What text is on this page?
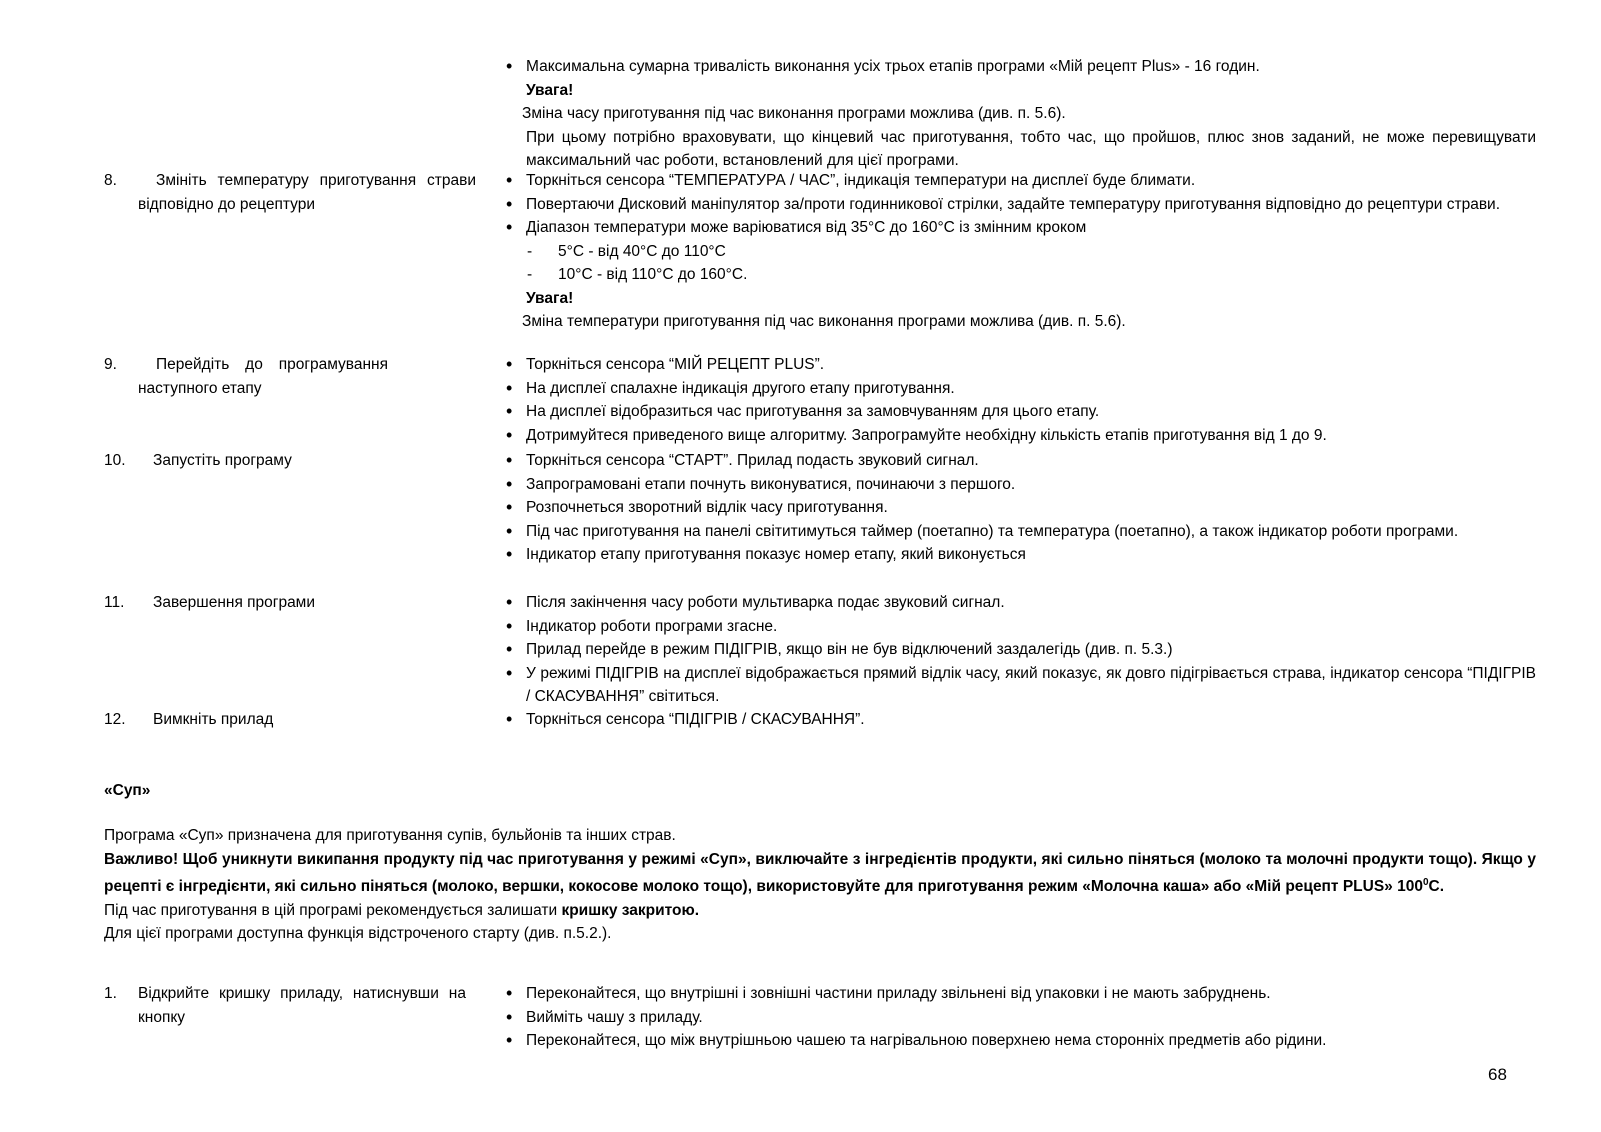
• Максимальна сумарна тривалість виконання усіх трьох етапів програми «Мій рецепт Plus» - 16 годин.
Увага!
Зміна часу приготування під час виконання програми можлива (див. п. 5.6).
При цьому потрібно враховувати, що кінцевий час приготування, тобто час, що пройшов, плюс знов заданий, не може перевищувати максимальний час роботи, встановлений для цієї програми.
8.	Змініть температуру приготування страви відповідно до рецептури
• Торкніться сенсора “ТЕМПЕРАТУРА / ЧАС”, індикація температури на дисплеї буде блимати.
• Повертаючи Дисковий маніпулятор за/проти годинникової стрілки, задайте температуру приготування відповідно до рецептури страви.
• Діапазон температури може варіюватися від 35°C до 160°C із змінним кроком
- 5°C - від 40°C до 110°C
- 10°C - від 110°C до 160°C.
Увага!
Зміна температури приготування під час виконання програми можлива (див. п. 5.6).
9.	Перейдіть до програмування наступного етапу
• Торкніться сенсора “МІЙ РЕЦЕПТ PLUS”.
• На дисплеї спалахне індикація другого етапу приготування.
• На дисплеї відобразиться час приготування за замовчуванням для цього етапу.
• Дотримуйтеся приведеного вище алгоритму. Запрограмуйте необхідну кількість етапів приготування від 1 до 9.
10.	Запустіть програму	• Торкніться сенсора “СТАРТ”. Прилад подасть звуковий сигнал.
• Запрограмовані етапи почнуть виконуватися, починаючи з першого.
• Розпочнеться зворотний відлік часу приготування.
• Під час приготування на панелі світитимуться таймер (поетапно) та температура (поетапно), а також індикатор роботи програми.
• Індикатор етапу приготування показує номер етапу, який виконується
11.	Завершення програми	• Після закінчення часу роботи мультиварка подає звуковий сигнал.
• Індикатор роботи програми згасне.
• Прилад перейде в режим ПІДІГРІВ, якщо він не був відключений заздалегідь (див. п. 5.3.)
• У режимі ПІДІГРІВ на дисплеї відображається прямий відлік часу, який показує, як довго підігрівається страва, індикатор сенсора “ПІДІГРІВ / СКАСУВАННЯ” світиться.
12.	Вимкніть прилад	• Торкніться сенсора “ПІДІГРІВ / СКАСУВАННЯ”.
«Суп»
Програма «Суп» призначена для приготування супів, бульйонів та інших страв.
Важливо! Щоб уникнути википання продукту під час приготування у режимі «Суп», виключайте з інгредієнтів продукти, які сильно піняться (молоко та молочні продукти тощо). Якщо у рецепті є інгредієнти, які сильно піняться (молоко, вершки, кокосове молоко тощо), використовуйте для приготування режим «Молочна каша» або «Мій рецепт PLUS» $100^0C$.
Під час приготування в цій програмі рекомендується залишати кришку закритою.
Для цієї програми доступна функція відстроченого старту (див. п.5.2.).
1.	Відкрийте кришку приладу, натиснувши на кнопку
• Переконайтеся, що внутрішні і зовнішні частини приладу звільнені від упаковки і не мають забруднень.
• Вийміть чашу з приладу.
• Переконайтеся, що між внутрішньою чашею та нагрівальною поверхнею нема сторонніх предметів або рідини.
68
